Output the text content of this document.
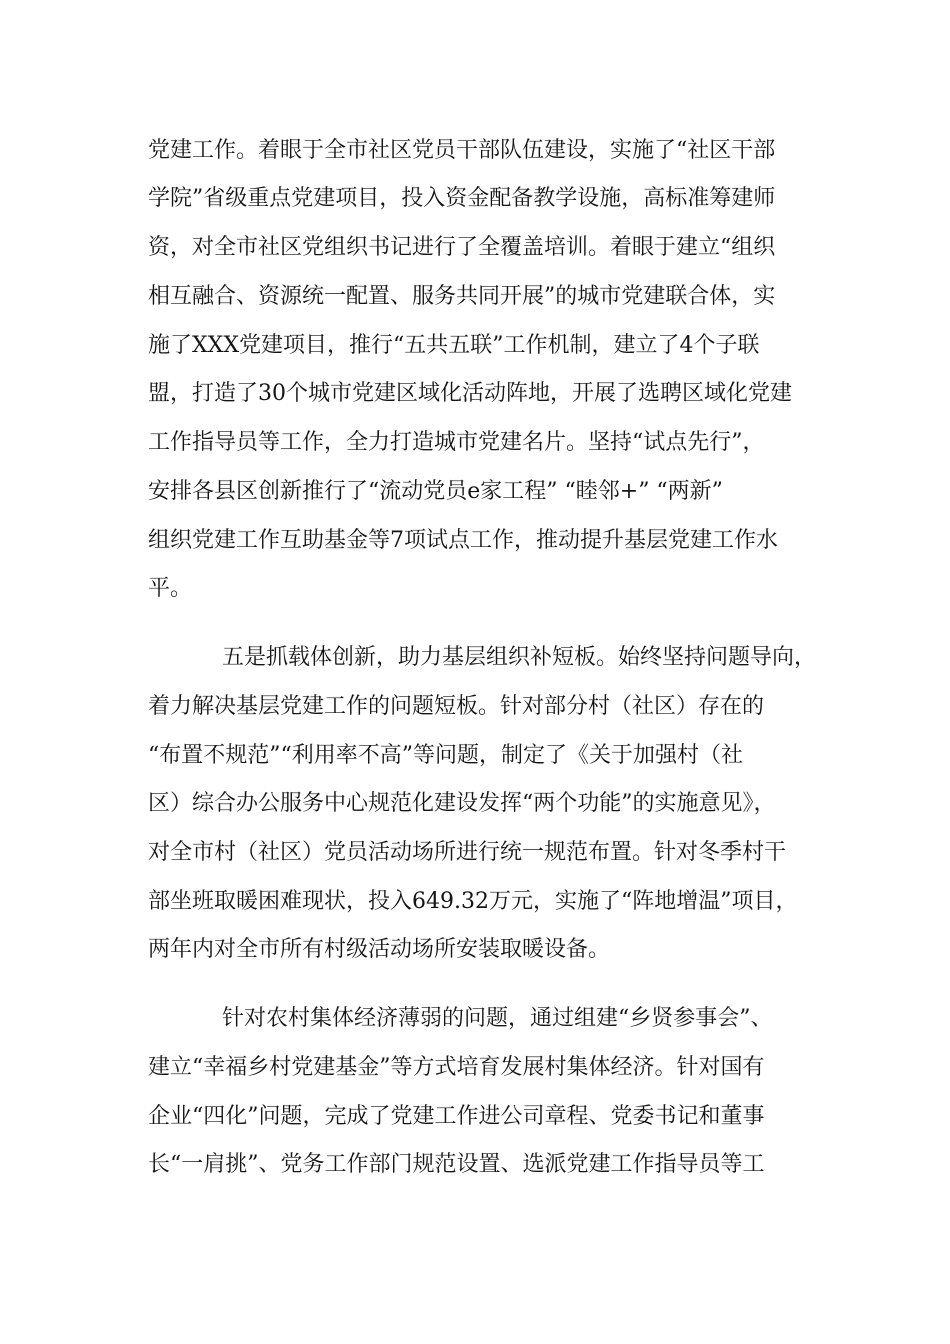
党建工作。着眼于全市社区党员干部队伍建设，实施了“社区干部
学院”省级重点党建项目，投入资金配备教学设施，高标准筹建师
资，对全市社区党组织书记进行了全覆盖培训。着眼于建立“组织
相互融合、资源统一配置、服务共同开展”的城市党建联合体，实
施了XXX党建项目，推行“五共五联”工作机制，建立了4个子联
盟，打造了30个城市党建区域化活动阵地，开展了选聘区域化党建
工作指导员等工作，全力打造城市党建名片。坚持“试点先行”，
安排各县区创新推行了“流动党员e家工程” “睦邻+” “两新”
组织党建工作互助基金等7项试点工作，推动提升基层党建工作水
平。
五是抓载体创新，助力基层组织补短板。始终坚持问题导向，
着力解决基层党建工作的问题短板。针对部分村（社区）存在的
“布置不规范”“利用率不高”等问题，制定了《关于加强村（社
区）综合办公服务中心规范化建设发挥“两个功能”的实施意见》，
对全市村（社区）党员活动场所进行统一规范布置。针对冬季村干
部坐班取暖困难现状，投入649.32万元，实施了“阵地增温”项目，
两年内对全市所有村级活动场所安装取暖设备。
针对农村集体经济薄弱的问题，通过组建“乡贤参事会”、
建立“幸福乡村党建基金”等方式培育发展村集体经济。针对国有
企业“四化”问题，完成了党建工作进公司章程、党委书记和董事
长“一肩挑”、党务工作部门规范设置、选派党建工作指导员等工
